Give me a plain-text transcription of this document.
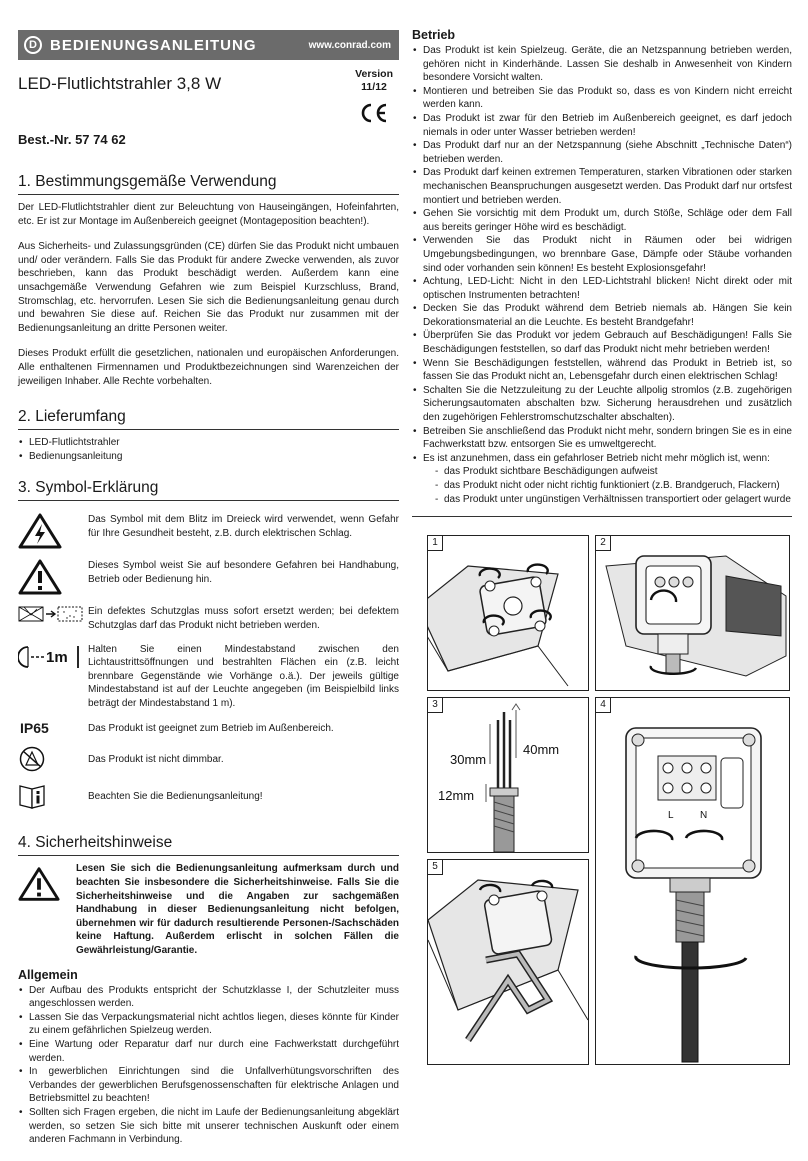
D BEDIENUNGSANLEITUNG	www.conrad.com
LED-Flutlichtstrahler 3,8 W	Version
11/12
Best.-Nr. 57 74 62
1. Bestimmungsgemäße Verwendung

Der LED-Flutlichtstrahler dient zur Beleuchtung von Hauseingängen, Hofeinfahrten, etc. Er ist zur Montage im Außenbereich geeignet (Montageposition beachten!).

Aus Sicherheits- und Zulassungsgründen (CE) dürfen Sie das Produkt nicht umbauen und/ oder verändern. Falls Sie das Produkt für andere Zwecke verwenden, als zuvor beschrieben, kann das Produkt beschädigt werden. Außerdem kann eine unsachgemäße Verwendung Gefahren wie zum Beispiel Kurzschluss, Brand, Stromschlag, etc. hervorrufen. Lesen Sie sich die Bedienungsanleitung genau durch und bewahren Sie diese auf. Reichen Sie das Produkt nur zusammen mit der Bedienungsanleitung an dritte Personen weiter.

Dieses Produkt erfüllt die gesetzlichen, nationalen und europäischen Anforderungen. Alle enthaltenen Firmennamen und Produktbezeichnungen sind Warenzeichen der jeweiligen Inhaber. Alle Rechte vorbehalten.

2. Lieferumfang
• LED-Flutlichtstrahler
• Bedienungsanleitung
3. Symbol-Erklärung
Das Symbol mit dem Blitz im Dreieck wird verwendet, wenn Gefahr für Ihre Gesundheit besteht, z.B. durch elektrischen Schlag.
Dieses Symbol weist Sie auf besondere Gefahren bei Handhabung, Betrieb oder Bedienung hin.
Ein defektes Schutzglas muss sofort ersetzt werden; bei defektem Schutzglas darf das Produkt nicht betrieben werden.
1m Halten Sie einen Mindestabstand zwischen den Lichtaustrittsöffnungen und bestrahlten Flächen ein (z.B. leicht brennbare Gegenstände wie Vorhänge o.ä.). Der jeweils gültige Mindestabstand ist auf der Leuchte angegeben (im Beispielbild links beträgt der Mindestabstand 1 m).
IP65	Das Produkt ist geeignet zum Betrieb im Außenbereich.
Das Produkt ist nicht dimmbar.
Beachten Sie die Bedienungsanleitung!
4. Sicherheitshinweise
Lesen Sie sich die Bedienungsanleitung aufmerksam durch und beachten Sie insbesondere die Sicherheitshinweise. Falls Sie die Sicherheitshinweise und die Angaben zur sachgemäßen Handhabung in dieser Bedienungsanleitung nicht befolgen, übernehmen wir für dadurch resultierende Personen-/Sachschäden keine Haftung. Außerdem erlischt in solchen Fällen die Gewährleistung/Garantie.
Allgemein
• Der Aufbau des Produkts entspricht der Schutzklasse I, der Schutzleiter muss angeschlossen werden.
• Lassen Sie das Verpackungsmaterial nicht achtlos liegen, dieses könnte für Kinder zu einem gefährlichen Spielzeug werden.
• Eine Wartung oder Reparatur darf nur durch eine Fachwerkstatt durchgeführt werden.
• In gewerblichen Einrichtungen sind die Unfallverhütungsvorschriften des Verbandes der gewerblichen Berufsgenossenschaften für elektrische Anlagen und Betriebsmittel zu beachten!
• Sollten sich Fragen ergeben, die nicht im Laufe der Bedienungsanleitung abgeklärt werden, so setzen Sie sich bitte mit unserer technischen Auskunft oder einem anderen Fachmann in Verbindung.
Betrieb
• Das Produkt ist kein Spielzeug. Geräte, die an Netzspannung betrieben werden, gehören nicht in Kinderhände. Lassen Sie deshalb in Anwesenheit von Kindern besondere Vorsicht walten.
• Montieren und betreiben Sie das Produkt so, dass es von Kindern nicht erreicht werden kann.
• Das Produkt ist zwar für den Betrieb im Außenbereich geeignet, es darf jedoch niemals in oder unter Wasser betrieben werden!
• Das Produkt darf nur an der Netzspannung (siehe Abschnitt „Technische Daten“) betrieben werden.
• Das Produkt darf keinen extremen Temperaturen, starken Vibrationen oder starken mechanischen Beanspruchungen ausgesetzt werden. Das Produkt darf nur ortsfest montiert und betrieben werden.
• Gehen Sie vorsichtig mit dem Produkt um, durch Stöße, Schläge oder dem Fall aus bereits geringer Höhe wird es beschädigt.
• Verwenden Sie das Produkt nicht in Räumen oder bei widrigen Umgebungsbedingungen, wo brennbare Gase, Dämpfe oder Stäube vorhanden sind oder vorhanden sein können! Es besteht Explosionsgefahr!
• Achtung, LED-Licht: Nicht in den LED-Lichtstrahl blicken! Nicht direkt oder mit optischen Instrumenten betrachten!
• Decken Sie das Produkt während dem Betrieb niemals ab. Hängen Sie kein Dekorationsmaterial an die Leuchte. Es besteht Brandgefahr!
• Überprüfen Sie das Produkt vor jedem Gebrauch auf Beschädigungen! Falls Sie Beschädigungen feststellen, so darf das Produkt nicht mehr betrieben werden!
• Wenn Sie Beschädigungen feststellen, während das Produkt in Betrieb ist, so fassen Sie das Produkt nicht an, Lebensgefahr durch einen elektrischen Schlag!
• Schalten Sie die Netzzuleitung zu der Leuchte allpolig stromlos (z.B. zugehörigen Sicherungsautomaten abschalten bzw. Sicherung herausdrehen und zusätzlich den zugehörigen Fehlerstromschutzschalter abschalten).
• Betreiben Sie anschließend das Produkt nicht mehr, sondern bringen Sie es in eine Fachwerkstatt bzw. entsorgen Sie es umweltgerecht.
• Es ist anzunehmen, dass ein gefahrloser Betrieb nicht mehr möglich ist, wenn:
- das Produkt sichtbare Beschädigungen aufweist
- das Produkt nicht oder nicht richtig funktioniert (z.B. Brandgeruch, Flackern)
- das Produkt unter ungünstigen Verhältnissen transportiert oder gelagert wurde
1	2
30mm
40mm
12mm
3
L	N
4
5
